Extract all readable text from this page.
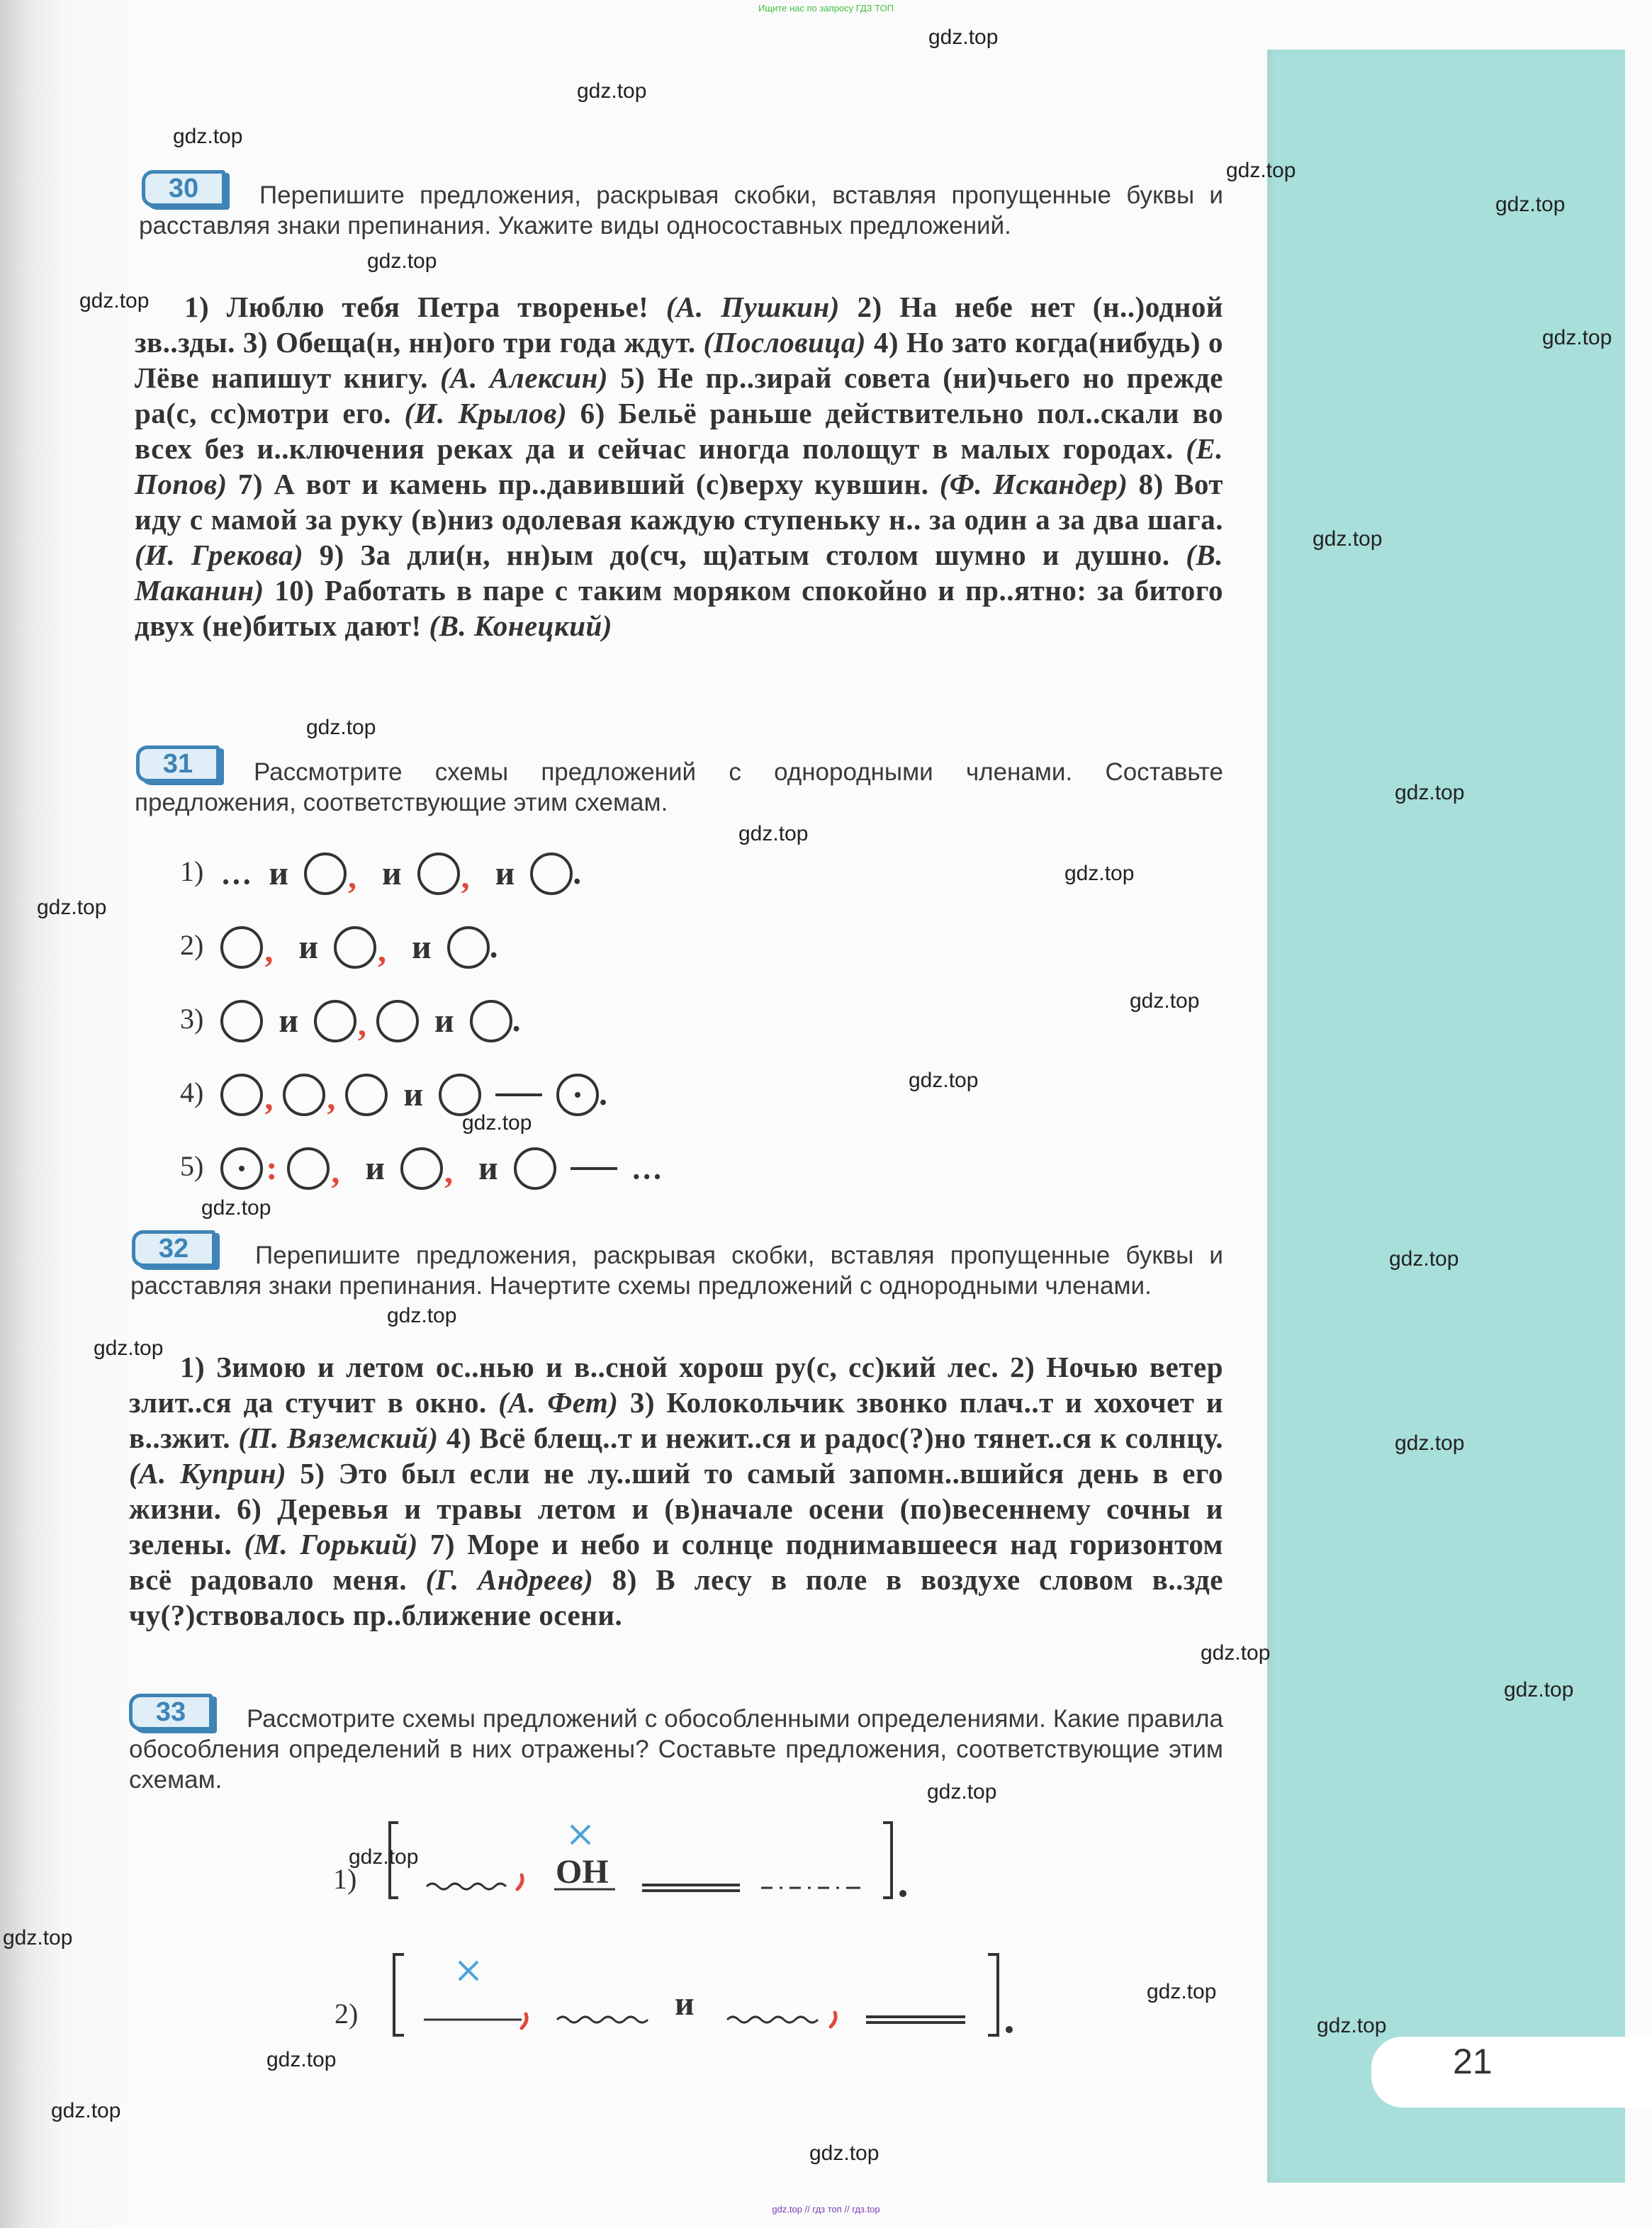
Ищите нас по запросу ГДЗ ТОП
21
30	Перепишите предложения, раскрывая скобки, вставляя пропущенные буквы и расставляя знаки препинания. Укажите виды односоставных предложений.

1) Люблю тебя Петра творенье! (А. Пушкин) 2) На небе нет (н..)одной зв..зды. 3) Обеща(н, нн)ого три года ждут. (Пословица) 4) Но зато когда(нибудь) о Лёве напишут книгу. (А. Алексин) 5) Не пр..зирай совета (ни)чьего но прежде ра(с, сс)мотри его. (И. Крылов) 6) Бельё раньше действительно пол..скали во всех без и..ключения реках да и сейчас иногда полощут в малых городах. (Е. Попов) 7) А вот и камень пр..давивший (с)верху кувшин. (Ф. Искандер) 8) Вот иду с мамой за руку (в)низ одолевая каждую ступеньку н.. за один а за два шага. (И. Грекова) 9) За дли(н, нн)ым до(сч, щ)атым столом шумно и душно. (В. Маканин) 10) Работать в паре с таким моряком спокойно и пр..ятно: за битого двух (не)битых дают! (В. Конецкий)

31	Рассмотрите схемы предложений с однородными членами. Составьте предложения, соответствующие этим схемам.

1) … и , и , и .
2) , и , и .
3) и , и .
4) , , и	.
5) : , и , и	…
32	Перепишите предложения, раскрывая скобки, вставляя пропущенные буквы и расставляя знаки препинания. Начертите схемы предложений с однородными членами.

1) Зимою и летом ос..нью и в..сной хорош ру(с, сс)кий лес. 2) Ночью ветер злит..ся да стучит в окно. (А. Фет) 3) Колокольчик звонко плач..т и хохочет и в..зжит. (П. Вяземский) 4) Всё блещ..т и нежит..ся и радос(?)но тянет..ся к солнцу. (А. Куприн) 5) Это был если не лу..ший то самый запомн..вшийся день в его жизни. 6) Деревья и травы летом и (в)начале осени (по)весеннему сочны и зелены. (М. Горький) 7) Море и небо и солнце поднимавшееся над горизонтом всё радовало меня. (Г. Андреев) 8) В лесу в поле в воздухе словом в..зде чу(?)ствовалось пр..ближение осени.

33	Рассмотрите схемы предложений с обособленными определениями. Какие правила обособления определений в них отражены? Составьте предложения, соответствующие этим схемам.

1)	ОН
2)	и
gdz.top
gdz.top
gdz.top
gdz.top
gdz.top
gdz.top
gdz.top
gdz.top
gdz.top
gdz.top
gdz.top
gdz.top
gdz.top
gdz.top
gdz.top
gdz.top
gdz.top
gdz.top
gdz.top
gdz.top
gdz.top
gdz.top
gdz.top
gdz.top
gdz.top
gdz.top
gdz.top
gdz.top
gdz.top
gdz.top
gdz.top
gdz.top
gdz.top // гдз топ // гдз.top
